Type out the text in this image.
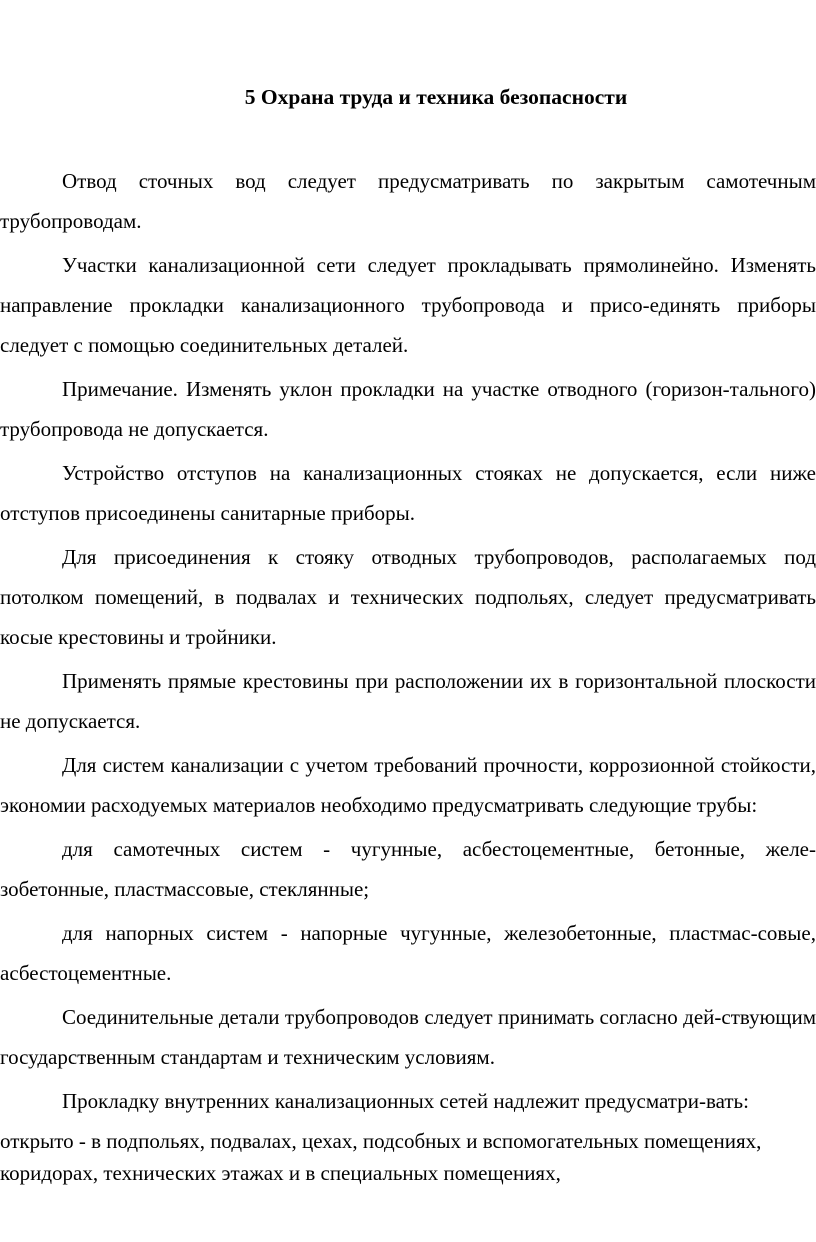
5 Охрана труда и техника безопасности

Отвод сточных вод следует предусматривать по закрытым самотечным трубопроводам.

Участки канализационной сети следует прокладывать прямолинейно. Изменять направление прокладки канализационного трубопровода и присо-единять приборы следует с помощью соединительных деталей.

Примечание. Изменять уклон прокладки на участке отводного (горизон-тального) трубопровода не допускается.

Устройство отступов на канализационных стояках не допускается, если ниже отступов присоединены санитарные приборы.

Для присоединения к стояку отводных трубопроводов, располагаемых под потолком помещений, в подвалах и технических подпольях, следует предусматривать косые крестовины и тройники.

Применять прямые крестовины при расположении их в горизонтальной плоскости не допускается.

Для систем канализации с учетом требований прочности, коррозионной стойкости, экономии расходуемых материалов необходимо предусматривать следующие трубы:

для самотечных систем - чугунные, асбестоцементные, бетонные, желе-зобетонные, пластмассовые, стеклянные;

для напорных систем - напорные чугунные, железобетонные, пластмас-совые, асбестоцементные.

Соединительные детали трубопроводов следует принимать согласно дей-ствующим государственным стандартам и техническим условиям.

Прокладку внутренних канализационных сетей надлежит предусматри-вать:

открыто - в подпольях, подвалах, цехах, подсобных и вспомогательных помещениях, коридорах, технических этажах и в специальных помещениях,
